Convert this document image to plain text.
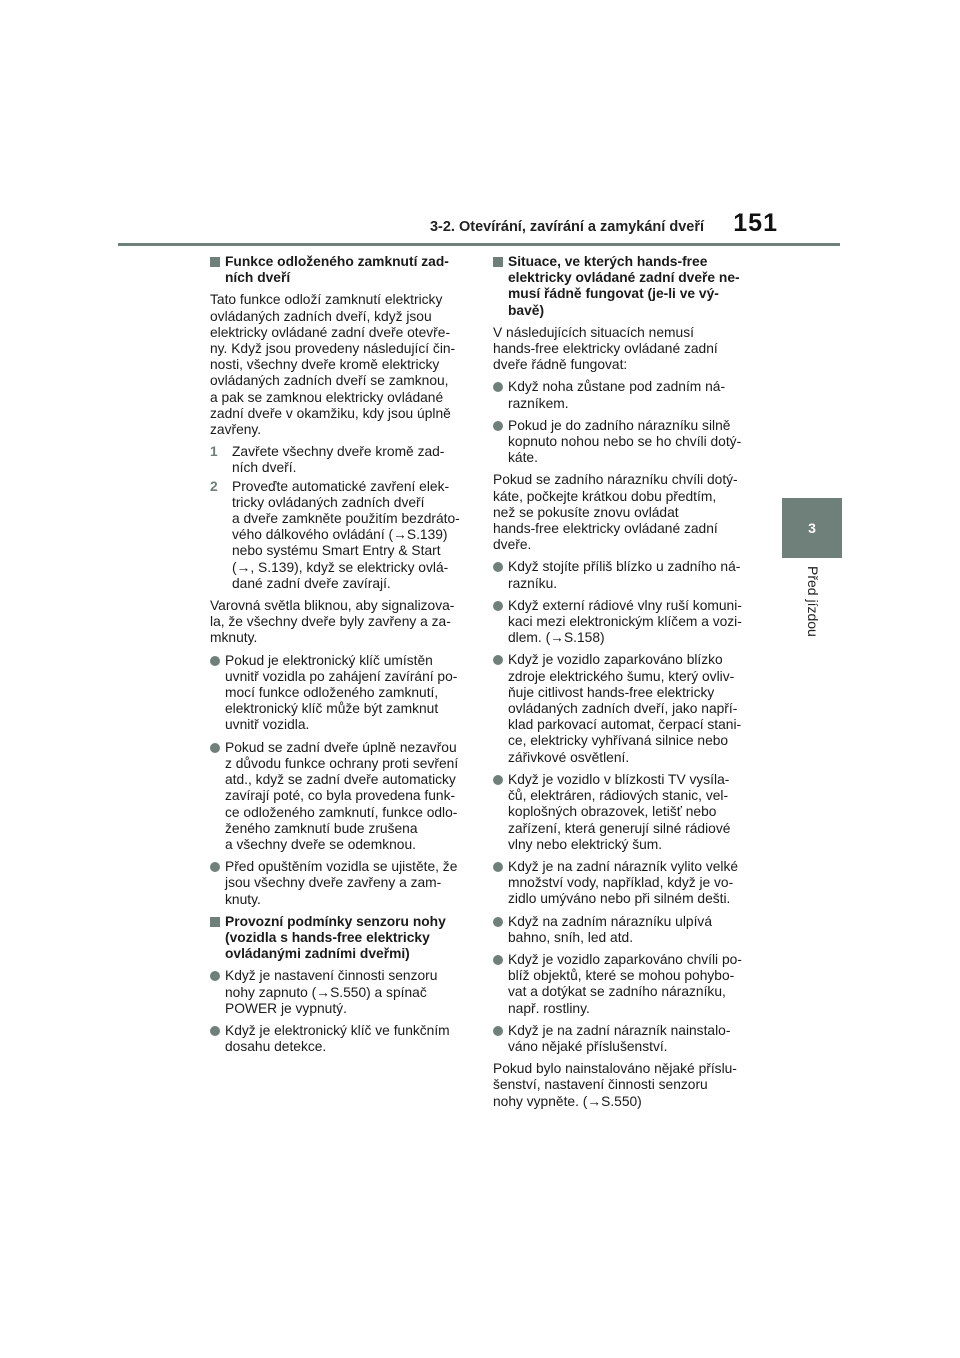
3-2. Otevírání, zavírání a zamykání dveří	151
3
Před jízdou
Funkce odloženého zamknutí zad-
ních dveří
Tato funkce odloží zamknutí elektricky
ovládaných zadních dveří, když jsou
elektricky ovládané zadní dveře otevře-
ny. Když jsou provedeny následující čin-
nosti, všechny dveře kromě elektricky
ovládaných zadních dveří se zamknou,
a pak se zamknou elektricky ovládané
zadní dveře v okamžiku, kdy jsou úplně
zavřeny.
1 Zavřete všechny dveře kromě zad-
ních dveří.
2 Proveďte automatické zavření elek-
tricky ovládaných zadních dveří
a dveře zamkněte použitím bezdráto-
vého dálkového ovládání (→S.139)
nebo systému Smart Entry & Start
(→, S.139), když se elektricky ovlá-
dané zadní dveře zavírají.
Varovná světla bliknou, aby signalizova-
la, že všechny dveře byly zavřeny a za-
mknuty.
Pokud je elektronický klíč umístěn
uvnitř vozidla po zahájení zavírání po-
mocí funkce odloženého zamknutí,
elektronický klíč může být zamknut
uvnitř vozidla.
Pokud se zadní dveře úplně nezavřou
z důvodu funkce ochrany proti sevření
atd., když se zadní dveře automaticky
zavírají poté, co byla provedena funk-
ce odloženého zamknutí, funkce odlo-
ženého zamknutí bude zrušena
a všechny dveře se odemknou.
Před opuštěním vozidla se ujistěte, že
jsou všechny dveře zavřeny a zam-
knuty.
Provozní podmínky senzoru nohy
(vozidla s hands-free elektricky
ovládanými zadními dveřmi)
Když je nastavení činnosti senzoru
nohy zapnuto (→S.550) a spínač
POWER je vypnutý.
Když je elektronický klíč ve funkčním
dosahu detekce.
Situace, ve kterých hands-free
elektricky ovládané zadní dveře ne-
musí řádně fungovat (je-li ve vý-
bavě)
V následujících situacích nemusí
hands-free elektricky ovládané zadní
dveře řádně fungovat:
Když noha zůstane pod zadním ná-
razníkem.
Pokud je do zadního nárazníku silně
kopnuto nohou nebo se ho chvíli dotý-
káte.
Pokud se zadního nárazníku chvíli dotý-
káte, počkejte krátkou dobu předtím,
než se pokusíte znovu ovládat
hands-free elektricky ovládané zadní
dveře.
Když stojíte příliš blízko u zadního ná-
razníku.
Když externí rádiové vlny ruší komuni-
kaci mezi elektronickým klíčem a vozi-
dlem. (→S.158)
Když je vozidlo zaparkováno blízko
zdroje elektrického šumu, který ovliv-
ňuje citlivost hands-free elektricky
ovládaných zadních dveří, jako napří-
klad parkovací automat, čerpací stani-
ce, elektricky vyhřívaná silnice nebo
zářivkové osvětlení.
Když je vozidlo v blízkosti TV vysíla-
čů, elektráren, rádiových stanic, vel-
koplošných obrazovek, letišť nebo
zařízení, která generují silné rádiové
vlny nebo elektrický šum.
Když je na zadní nárazník vylito velké
množství vody, například, když je vo-
zidlo umýváno nebo při silném dešti.
Když na zadním nárazníku ulpívá
bahno, sníh, led atd.
Když je vozidlo zaparkováno chvíli po-
blíž objektů, které se mohou pohybo-
vat a dotýkat se zadního nárazníku,
např. rostliny.
Když je na zadní nárazník nainstalo-
váno nějaké příslušenství.
Pokud bylo nainstalováno nějaké příslu-
šenství, nastavení činnosti senzoru
nohy vypněte. (→S.550)
